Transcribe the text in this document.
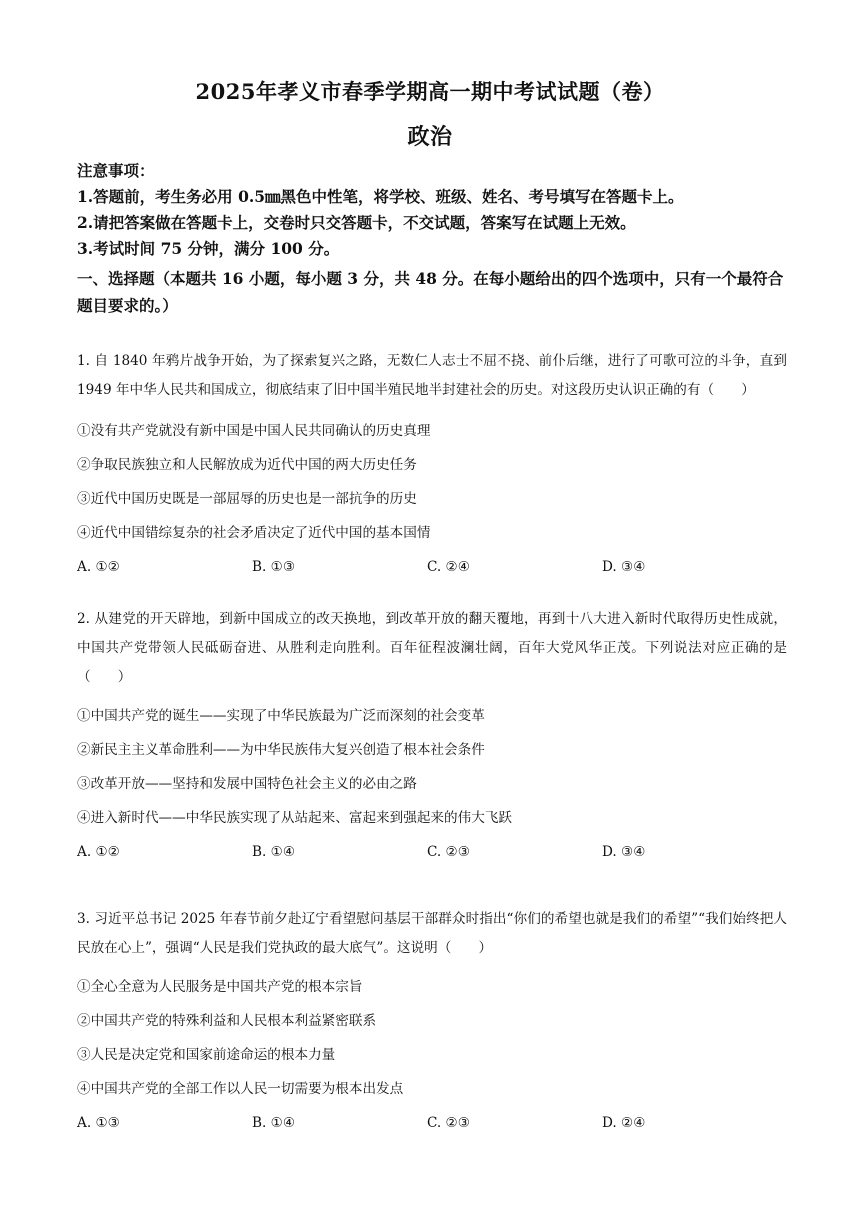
2025年孝义市春季学期高一期中考试试题（卷）
政治
注意事项：
1.答题前，考生务必用 0.5㎜黑色中性笔，将学校、班级、姓名、考号填写在答题卡上。
2.请把答案做在答题卡上，交卷时只交答题卡，不交试题，答案写在试题上无效。
3.考试时间 75 分钟，满分 100 分。
一、选择题（本题共 16 小题，每小题 3 分，共 48 分。在每小题给出的四个选项中，只有一个最符合题目要求的。）
1. 自 1840 年鸦片战争开始，为了探索复兴之路，无数仁人志士不屈不挠、前仆后继，进行了可歌可泣的斗争，直到 1949 年中华人民共和国成立，彻底结束了旧中国半殖民地半封建社会的历史。对这段历史认识正确的有（　　）
①没有共产党就没有新中国是中国人民共同确认的历史真理
②争取民族独立和人民解放成为近代中国的两大历史任务
③近代中国历史既是一部屈辱的历史也是一部抗争的历史
④近代中国错综复杂的社会矛盾决定了近代中国的基本国情
A. ①②	B. ①③	C. ②④	D. ③④
2. 从建党的开天辟地，到新中国成立的改天换地，到改革开放的翻天覆地，再到十八大进入新时代取得历史性成就，中国共产党带领人民砥砺奋进、从胜利走向胜利。百年征程波澜壮阔，百年大党风华正茂。下列说法对应正确的是（　　）
①中国共产党的诞生——实现了中华民族最为广泛而深刻的社会变革
②新民主主义革命胜利——为中华民族伟大复兴创造了根本社会条件
③改革开放——坚持和发展中国特色社会主义的必由之路
④进入新时代——中华民族实现了从站起来、富起来到强起来的伟大飞跃
A. ①②	B. ①④	C. ②③	D. ③④
3. 习近平总书记 2025 年春节前夕赴辽宁看望慰问基层干部群众时指出“你们的希望也就是我们的希望”“我们始终把人民放在心上”，强调“人民是我们党执政的最大底气”。这说明（　　）
①全心全意为人民服务是中国共产党的根本宗旨
②中国共产党的特殊利益和人民根本利益紧密联系
③人民是决定党和国家前途命运的根本力量
④中国共产党的全部工作以人民一切需要为根本出发点
A. ①③	B. ①④	C. ②③	D. ②④
